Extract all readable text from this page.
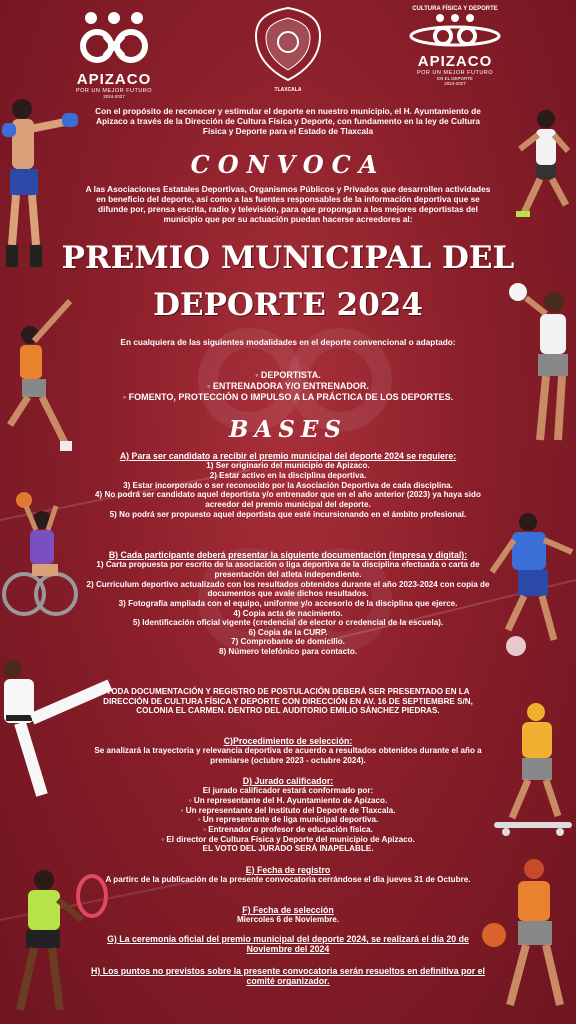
APIZACO
POR UN MEJOR FUTURO
2024-2027
TLAXCALA
CULTURA FÍSICA Y DEPORTE
APIZACO
POR UN MEJOR FUTURO
EN EL DEPORTE
2024-2027
Con el propósito de reconocer y estimular el deporte en nuestro municipio, el H. Ayuntamiento de Apizaco a través de la Dirección de Cultura Física y Deporte, con fundamento en la ley de Cultura Física y Deporte para el Estado de Tlaxcala
CONVOCA
A las Asociaciones Estatales Deportivas, Organismos Públicos y Privados que desarrollen actividades en beneficio del deporte, así como a las fuentes responsables de la información deportiva que se difunde por, prensa escrita, radio y televisión, para que propongan a los mejores deportistas del municipio que por su actuación puedan hacerse acreedores al:
PREMIO MUNICIPAL DEL
DEPORTE 2024
En cualquiera de las siguientes modalidades en el deporte convencional o adaptado:
◦ DEPORTISTA.
◦ ENTRENADORA Y/O ENTRENADOR.
◦ FOMENTO, PROTECCIÓN O IMPULSO A LA PRÁCTICA DE LOS DEPORTES.
BASES
A) Para ser candidato a recibir el premio municipal del deporte 2024 se requiere:
1) Ser originario del municipio de Apizaco.
2) Estar activo en la disciplina deportiva.
3) Estar incorporado o ser reconocido por la Asociación Deportiva de cada disciplina.
4) No podrá ser candidato aquel deportista y/o entrenador que en el año anterior (2023) ya haya sido acreedor del premio municipal del deporte.
5) No podrá ser propuesto aquel deportista que esté incursionando en el ámbito profesional.
B) Cada participante deberá presentar la siguiente documentación (impresa y digital):
1) Carta propuesta por escrito de la asociación o liga deportiva de la disciplina efectuada o carta de presentación del atleta independiente.
2) Curriculum deportivo actualizado con los resultados obtenidos durante el año 2023-2024 con copia de documentos que avale dichos resultados.
3) Fotografía ampliada con el equipo, uniforme y/o accesorio de la disciplina que ejerce.
4) Copia acta de nacimiento.
5) Identificación oficial vigente (credencial de elector o credencial de la escuela).
6) Copia de la CURP.
7) Comprobante de domicilio.
8) Número telefónico para contacto.
TODA DOCUMENTACIÓN Y REGISTRO DE POSTULACIÓN DEBERÁ SER PRESENTADO EN LA DIRECCIÓN DE CULTURA FÍSICA Y DEPORTE CON DIRECCIÓN EN AV. 16 DE SEPTIEMBRE S/N, COLONIA EL CARMEN. DENTRO DEL AUDITORIO EMILIO SÁNCHEZ PIEDRAS.
C)Procedimiento de selección:
Se analizará la trayectoria y relevancia deportiva de acuerdo a resultados obtenidos durante el año a premiarse (octubre 2023 - octubre 2024).
D) Jurado calificador:
El jurado calificador estará conformado por:
◦ Un representante del H. Ayuntamiento de Apizaco.
◦ Un representante del Instituto del Deporte de Tlaxcala.
◦ Un representante de liga municipal deportiva.
◦ Entrenador o profesor de educación física.
◦ El director de Cultura Física y Deporte del municipio de Apizaco.
EL VOTO DEL JURADO SERÁ INAPELABLE.
E) Fecha de registro
A partirc de la publicación de la presente convocatoria cerrándose el día jueves 31 de Octubre.
F) Fecha de selección
Miercoles 6 de Noviembre.
G) La ceremonia oficial del premio municipal del deporte 2024, se realizará el día 20 de Noviembre del 2024
H) Los puntos no previstos sobre la presente convocatoria serán resueltos en definitiva por el comité organizador.
